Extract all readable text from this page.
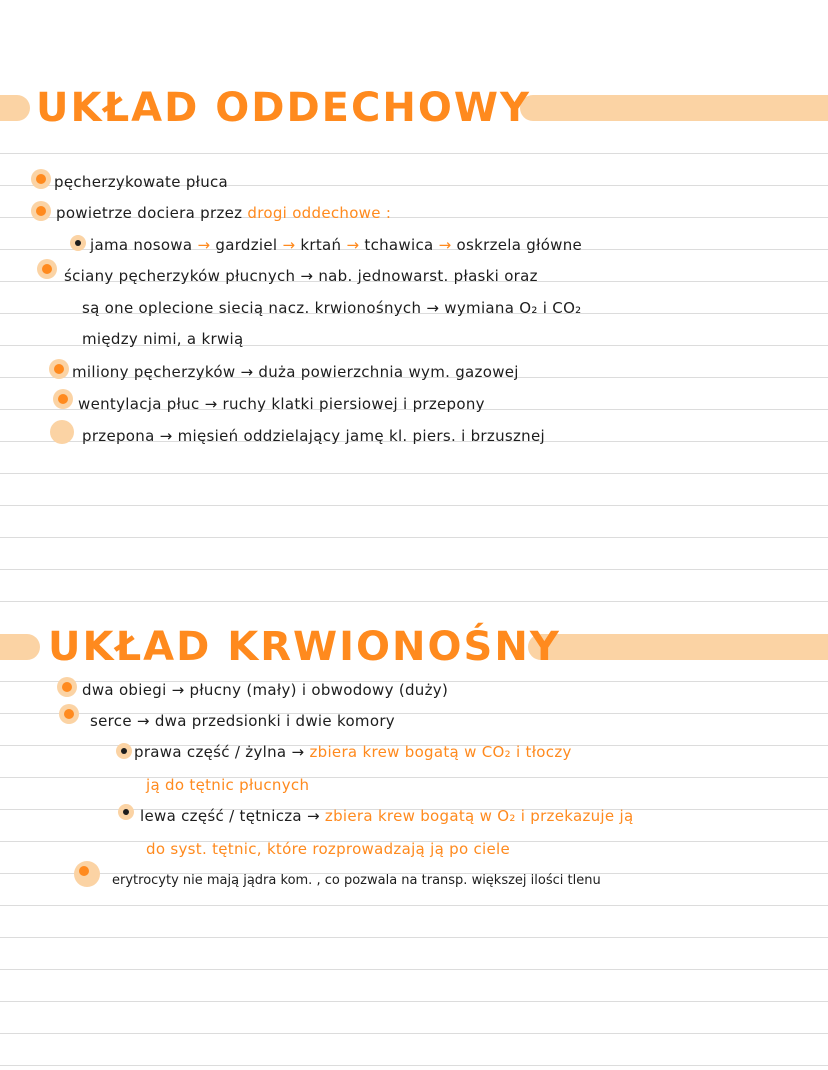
UKŁAD ODDECHOWY
pęcherzykowate płuca
powietrze dociera przez drogi oddechowe :
jama nosowa → gardziel → krtań → tchawica → oskrzela główne
ściany pęcherzyków płucnych → nab. jednowarst. płaski oraz
są one oplecione siecią nacz. krwionośnych → wymiana O₂ i CO₂
między nimi, a krwią
miliony pęcherzyków → duża powierzchnia wym. gazowej
wentylacja płuc → ruchy klatki piersiowej i przepony
przepona → mięsień oddzielający jamę kl. piers. i brzusznej
UKŁAD KRWIONOŚNY
dwa obiegi → płucny (mały) i obwodowy (duży)
serce → dwa przedsionki i dwie komory
prawa część / żylna → zbiera krew bogatą w CO₂ i tłoczy
ją do tętnic płucnych
lewa część / tętnicza → zbiera krew bogatą w O₂ i przekazuje ją
do syst. tętnic, które rozprowadzają ją po ciele
erytrocyty nie mają jądra kom. , co pozwala na transp. większej ilości tlenu
